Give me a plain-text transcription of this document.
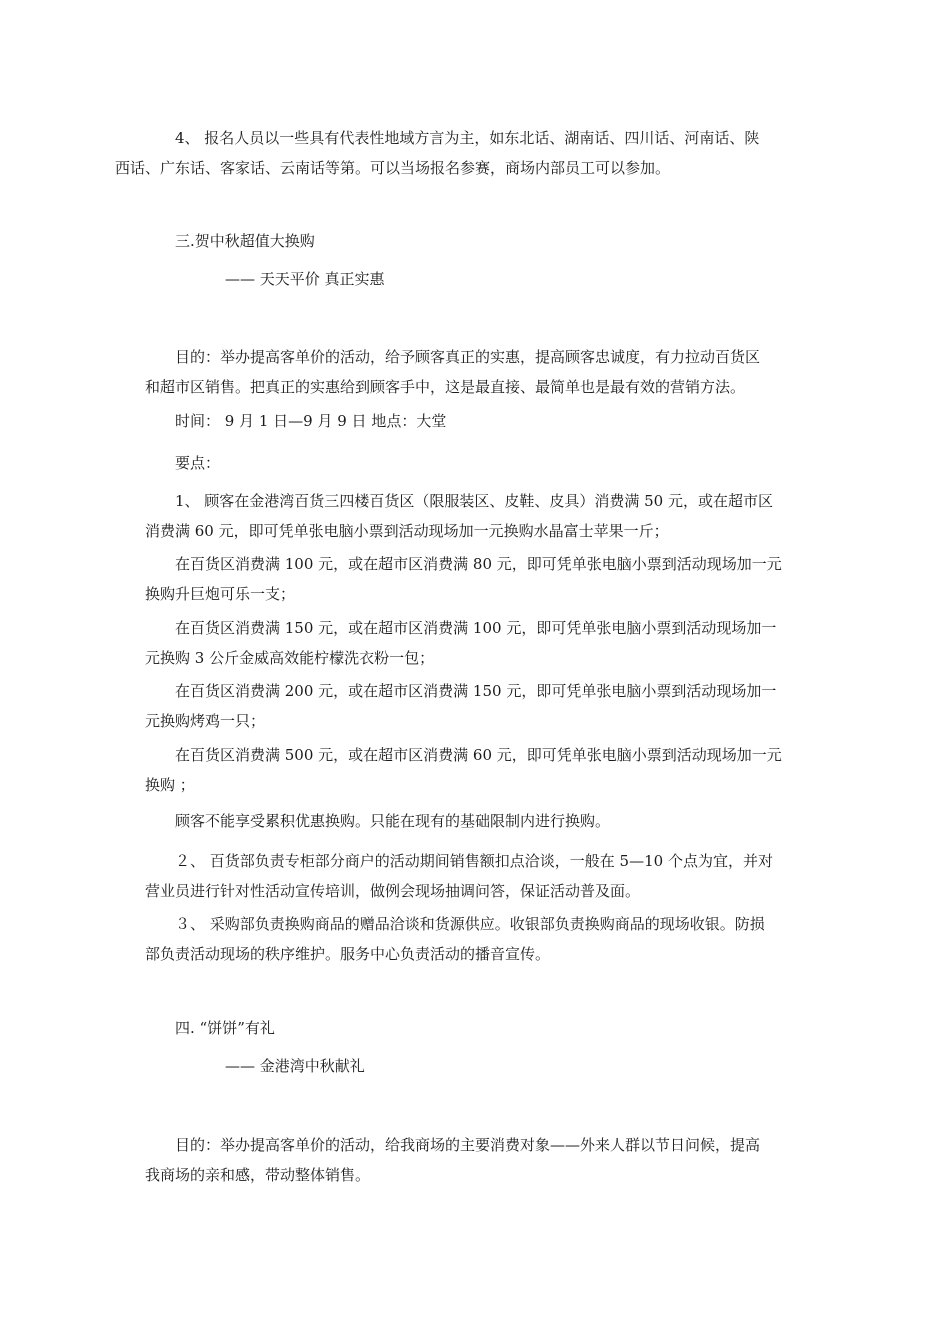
4、 报名人员以一些具有代表性地域方言为主，如东北话、湖南话、四川话、河南话、陕
西话、广东话、客家话、云南话等第。可以当场报名参赛，商场内部员工可以参加。

三.贺中秋超值大换购

—— 天天平价 真正实惠

目的：举办提高客单价的活动，给予顾客真正的实惠，提高顾客忠诚度，有力拉动百货区
和超市区销售。把真正的实惠给到顾客手中，这是最直接、最简单也是最有效的营销方法。

时间： 9 月 1 日—9 月 9 日 地点：大堂

要点：

1、 顾客在金港湾百货三四楼百货区（限服装区、皮鞋、皮具）消费满 50 元，或在超市区
消费满 60 元，即可凭单张电脑小票到活动现场加一元换购水晶富士苹果一斤；

在百货区消费满 100 元，或在超市区消费满 80 元，即可凭单张电脑小票到活动现场加一元
换购升巨炮可乐一支；

在百货区消费满 150 元，或在超市区消费满 100 元，即可凭单张电脑小票到活动现场加一
元换购 3 公斤金威高效能柠檬洗衣粉一包；

在百货区消费满 200 元，或在超市区消费满 150 元，即可凭单张电脑小票到活动现场加一
元换购烤鸡一只；

在百货区消费满 500 元，或在超市区消费满 60 元，即可凭单张电脑小票到活动现场加一元
换购 ；

顾客不能享受累积优惠换购。只能在现有的基础限制内进行换购。

２、 百货部负责专柜部分商户的活动期间销售额扣点洽谈，一般在 5—10 个点为宜，并对
营业员进行针对性活动宣传培训，做例会现场抽调问答，保证活动普及面。

３、 采购部负责换购商品的赠品洽谈和货源供应。收银部负责换购商品的现场收银。防损
部负责活动现场的秩序维护。服务中心负责活动的播音宣传。

四. “饼饼”有礼

—— 金港湾中秋献礼

目的：举办提高客单价的活动，给我商场的主要消费对象——外来人群以节日问候，提高
我商场的亲和感，带动整体销售。
